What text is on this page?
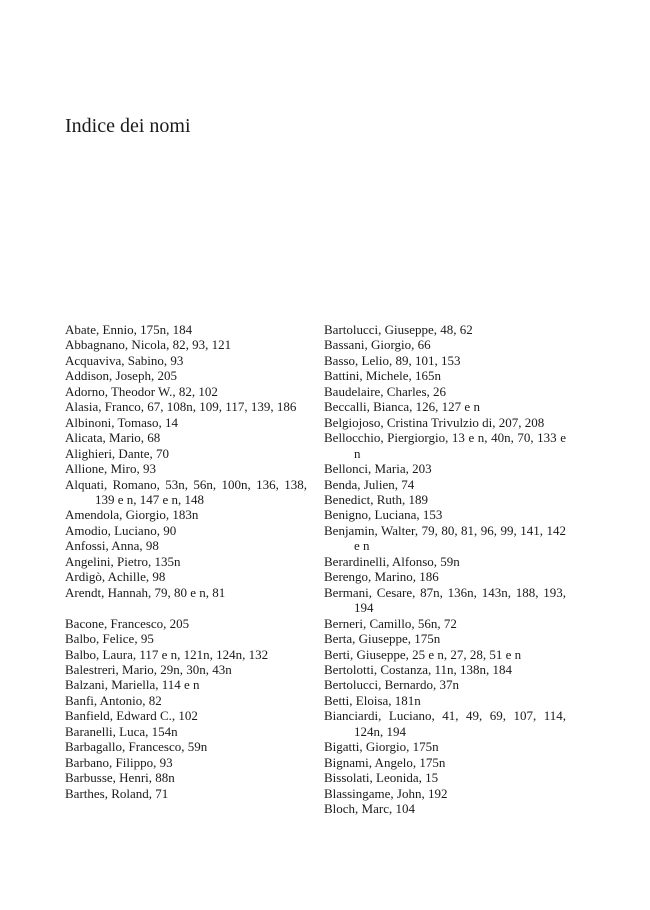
Indice dei nomi

Abate, Ennio, 175n, 184

Abbagnano, Nicola, 82, 93, 121

Acquaviva, Sabino, 93

Addison, Joseph, 205

Adorno, Theodor W., 82, 102

Alasia, Franco, 67, 108n, 109, 117, 139, 186

Albinoni, Tomaso, 14

Alicata, Mario, 68

Alighieri, Dante, 70

Allione, Miro, 93

Alquati, Romano, 53n, 56n, 100n, 136, 138, 139 e n, 147 e n, 148

Amendola, Giorgio, 183n

Amodio, Luciano, 90

Anfossi, Anna, 98

Angelini, Pietro, 135n

Ardigò, Achille, 98

Arendt, Hannah, 79, 80 e n, 81

Bacone, Francesco, 205

Balbo, Felice, 95

Balbo, Laura, 117 e n, 121n, 124n, 132

Balestreri, Mario, 29n, 30n, 43n

Balzani, Mariella, 114 e n

Banfi, Antonio, 82

Banfield, Edward C., 102

Baranelli, Luca, 154n

Barbagallo, Francesco, 59n

Barbano, Filippo, 93

Barbusse, Henri, 88n

Barthes, Roland, 71

Bartolucci, Giuseppe, 48, 62

Bassani, Giorgio, 66

Basso, Lelio, 89, 101, 153

Battini, Michele, 165n

Baudelaire, Charles, 26

Beccalli, Bianca, 126, 127 e n

Belgiojoso, Cristina Trivulzio di, 207, 208

Bellocchio, Piergiorgio, 13 e n, 40n, 70, 133 e n

Bellonci, Maria, 203

Benda, Julien, 74

Benedict, Ruth, 189

Benigno, Luciana, 153

Benjamin, Walter, 79, 80, 81, 96, 99, 141, 142 e n

Berardinelli, Alfonso, 59n

Berengo, Marino, 186

Bermani, Cesare, 87n, 136n, 143n, 188, 193, 194

Berneri, Camillo, 56n, 72

Berta, Giuseppe, 175n

Berti, Giuseppe, 25 e n, 27, 28, 51 e n

Bertolotti, Costanza, 11n, 138n, 184

Bertolucci, Bernardo, 37n

Betti, Eloisa, 181n

Bianciardi, Luciano, 41, 49, 69, 107, 114, 124n, 194

Bigatti, Giorgio, 175n

Bignami, Angelo, 175n

Bissolati, Leonida, 15

Blassingame, John, 192

Bloch, Marc, 104
